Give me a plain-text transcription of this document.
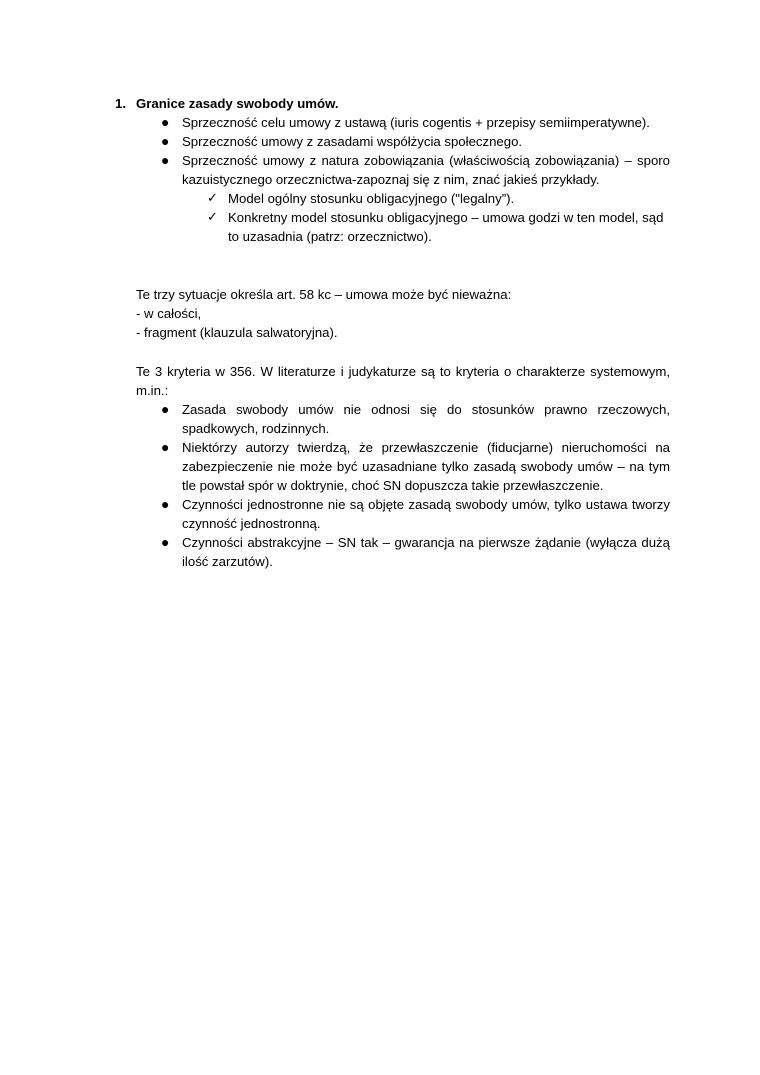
1. Granice zasady swobody umów.
● Sprzeczność celu umowy z ustawą (iuris cogentis + przepisy semiimperatywne).
● Sprzeczność umowy z zasadami współżycia społecznego.
● Sprzeczność umowy z natura zobowiązania (właściwością zobowiązania) – sporo kazuistycznego orzecznictwa-zapoznaj się z nim, znać jakieś przykłady.
✓ Model ogólny stosunku obligacyjnego ("legalny”).
✓ Konkretny model stosunku obligacyjnego – umowa godzi w ten model, sąd to uzasadnia (patrz: orzecznictwo).
Te trzy sytuacje określa art. 58 kc – umowa może być nieważna:
- w całości,
- fragment (klauzula salwatoryjna).

Te 3 kryteria w 356. W literaturze i judykaturze są to kryteria o charakterze systemowym, m.in.:

● Zasada swobody umów nie odnosi się do stosunków prawno rzeczowych, spadkowych, rodzinnych.
● Niektórzy autorzy twierdzą, że przewłaszczenie (fiducjarne) nieruchomości na zabezpieczenie nie może być uzasadniane tylko zasadą swobody umów – na tym tle powstał spór w doktrynie, choć SN dopuszcza takie przewłaszczenie.
● Czynności jednostronne nie są objęte zasadą swobody umów, tylko ustawa tworzy czynność jednostronną.
● Czynności abstrakcyjne – SN tak – gwarancja na pierwsze żądanie (wyłącza dużą ilość zarzutów).
